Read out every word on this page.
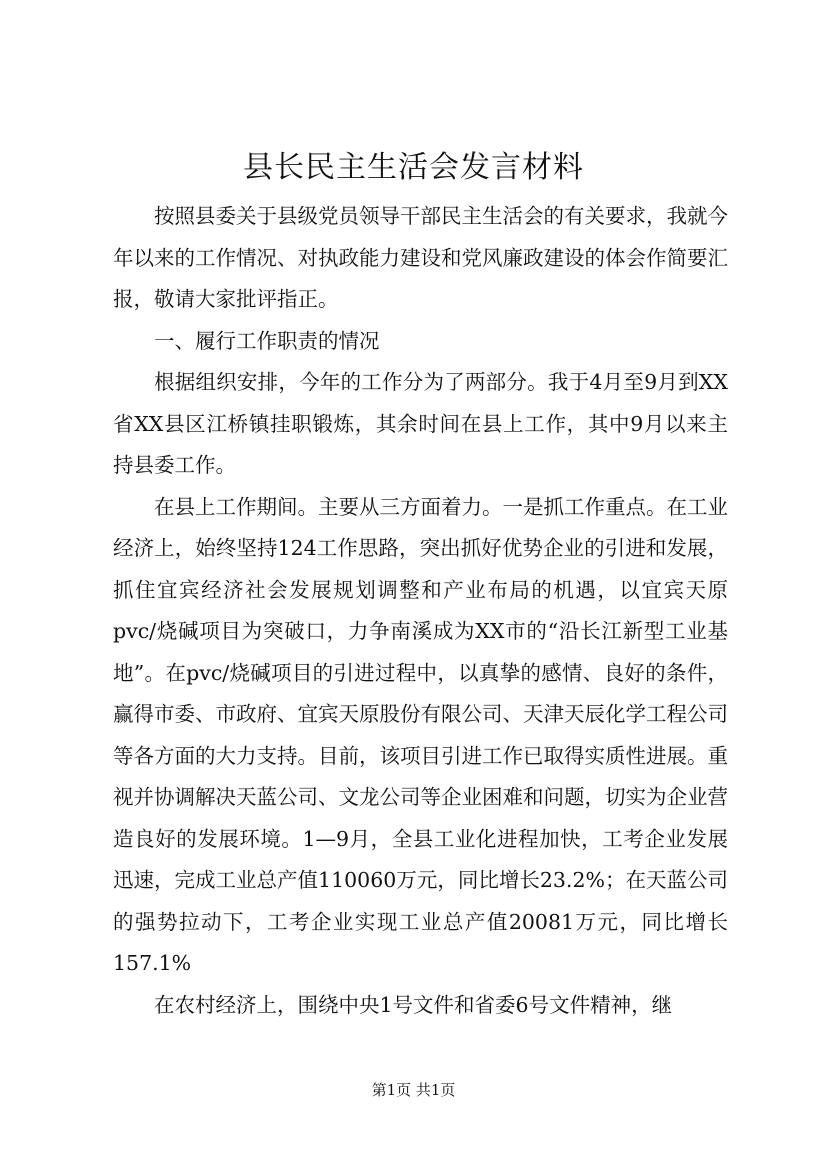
县长民主生活会发言材料

按照县委关于县级党员领导干部民主生活会的有关要求，我就今年以来的工作情况、对执政能力建设和党风廉政建设的体会作简要汇报，敬请大家批评指正。

一、履行工作职责的情况

根据组织安排，今年的工作分为了两部分。我于4月至9月到XX省XX县区江桥镇挂职锻炼，其余时间在县上工作，其中9月以来主持县委工作。

在县上工作期间。主要从三方面着力。一是抓工作重点。在工业经济上，始终坚持124工作思路，突出抓好优势企业的引进和发展，抓住宜宾经济社会发展规划调整和产业布局的机遇，以宜宾天原pvc/烧碱项目为突破口，力争南溪成为XX市的“沿长江新型工业基地”。在pvc/烧碱项目的引进过程中，以真挚的感情、良好的条件，赢得市委、市政府、宜宾天原股份有限公司、天津天辰化学工程公司等各方面的大力支持。目前，该项目引进工作已取得实质性进展。重视并协调解决天蓝公司、文龙公司等企业困难和问题，切实为企业营造良好的发展环境。1—9月，全县工业化进程加快，工考企业发展迅速，完成工业总产值110060万元，同比增长23.2%；在天蓝公司的强势拉动下，工考企业实现工业总产值20081万元，同比增长157.1%

在农村经济上，围绕中央1号文件和省委6号文件精神，继

第1页 共1页
